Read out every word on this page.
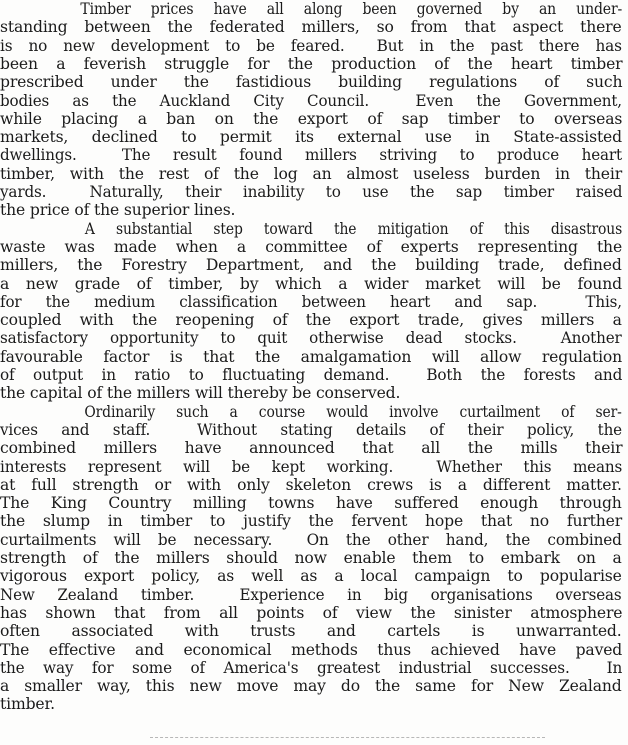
Timber prices have all along been governed by an under-
standing between the federated millers, so from that aspect there
is no new development to be feared.  But in the past there has
been a feverish struggle for the production of the heart timber
prescribed under the fastidious building regulations of such
bodies as the Auckland City Council.  Even the Government,
while placing a ban on the export of sap timber to overseas
markets, declined to permit its external use in State-assisted
dwellings.  The result found millers striving to produce heart
timber, with the rest of the log an almost useless burden in their
yards.  Naturally, their inability to use the sap timber raised
the price of the superior lines.
A substantial step toward the mitigation of this disastrous
waste was made when a committee of experts representing the
millers, the Forestry Department, and the building trade, defined
a new grade of timber, by which a wider market will be found
for the medium classification between heart and sap.  This,
coupled with the reopening of the export trade, gives millers a
satisfactory opportunity to quit otherwise dead stocks.  Another
favourable factor is that the amalgamation will allow regulation
of output in ratio to fluctuating demand.  Both the forests and
the capital of the millers will thereby be conserved.
Ordinarily such a course would involve curtailment of ser-
vices and staff.  Without stating details of their policy, the
combined millers have announced that all the mills their
interests represent will be kept working.  Whether this means
at full strength or with only skeleton crews is a different matter.
The King Country milling towns have suffered enough through
the slump in timber to justify the fervent hope that no further
curtailments will be necessary.  On the other hand, the combined
strength of the millers should now enable them to embark on a
vigorous export policy, as well as a local campaign to popularise
New Zealand timber.  Experience in big organisations overseas
has shown that from all points of view the sinister atmosphere
often associated with trusts and cartels is unwarranted.
The effective and economical methods thus achieved have paved
the way for some of America's greatest industrial successes.  In
a smaller way, this new move may do the same for New Zealand
timber.
